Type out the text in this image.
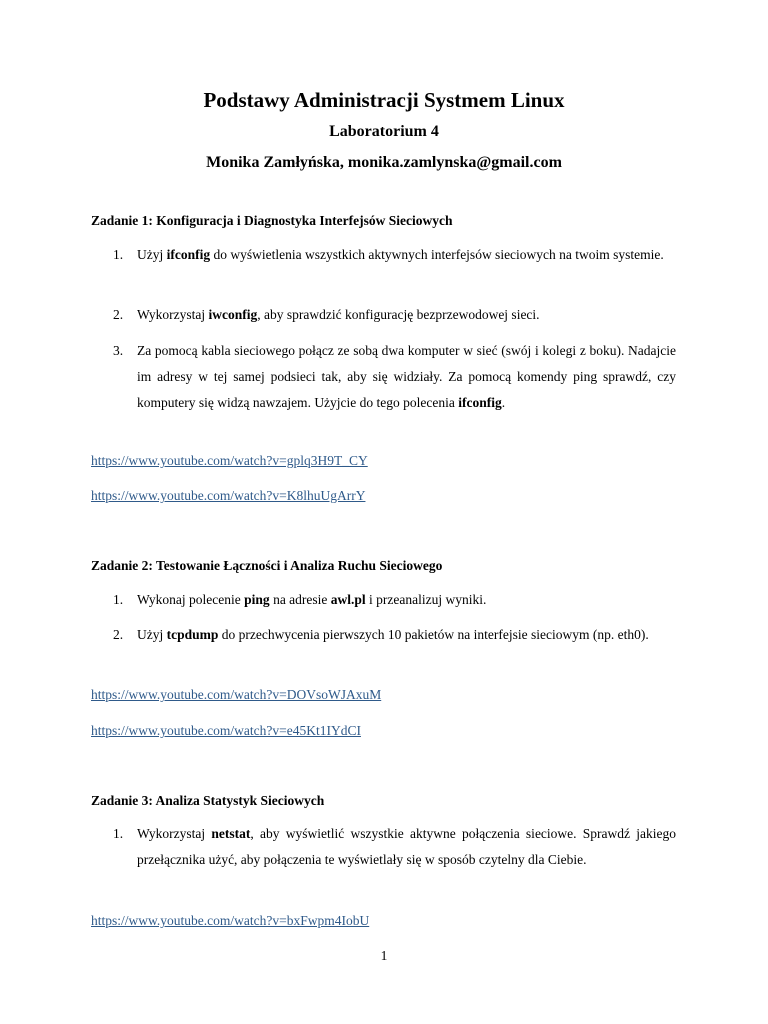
Podstawy Administracji Systmem Linux

Laboratorium 4

Monika Zamłyńska, monika.zamlynska@gmail.com

Zadanie 1: Konfiguracja i Diagnostyka Interfejsów Sieciowych

1. Użyj ifconfig do wyświetlenia wszystkich aktywnych interfejsów sieciowych na twoim systemie.
2. Wykorzystaj iwconfig, aby sprawdzić konfigurację bezprzewodowej sieci.
3. Za pomocą kabla sieciowego połącz ze sobą dwa komputer w sieć (swój i kolegi z boku). Nadajcie im adresy w tej samej podsieci tak, aby się widziały. Za pomocą komendy ping sprawdź, czy komputery się widzą nawzajem. Użyjcie do tego polecenia ifconfig.
https://www.youtube.com/watch?v=gplq3H9T_CY
https://www.youtube.com/watch?v=K8lhuUgArrY

Zadanie 2: Testowanie Łączności i Analiza Ruchu Sieciowego

1. Wykonaj polecenie ping na adresie awl.pl i przeanalizuj wyniki.
2. Użyj tcpdump do przechwycenia pierwszych 10 pakietów na interfejsie sieciowym (np. eth0).
https://www.youtube.com/watch?v=DOVsoWJAxuM
https://www.youtube.com/watch?v=e45Kt1IYdCI

Zadanie 3: Analiza Statystyk Sieciowych

1. Wykorzystaj netstat, aby wyświetlić wszystkie aktywne połączenia sieciowe. Sprawdź jakiego przełącznika użyć, aby połączenia te wyświetlały się w sposób czytelny dla Ciebie.
https://www.youtube.com/watch?v=bxFwpm4IobU

1
